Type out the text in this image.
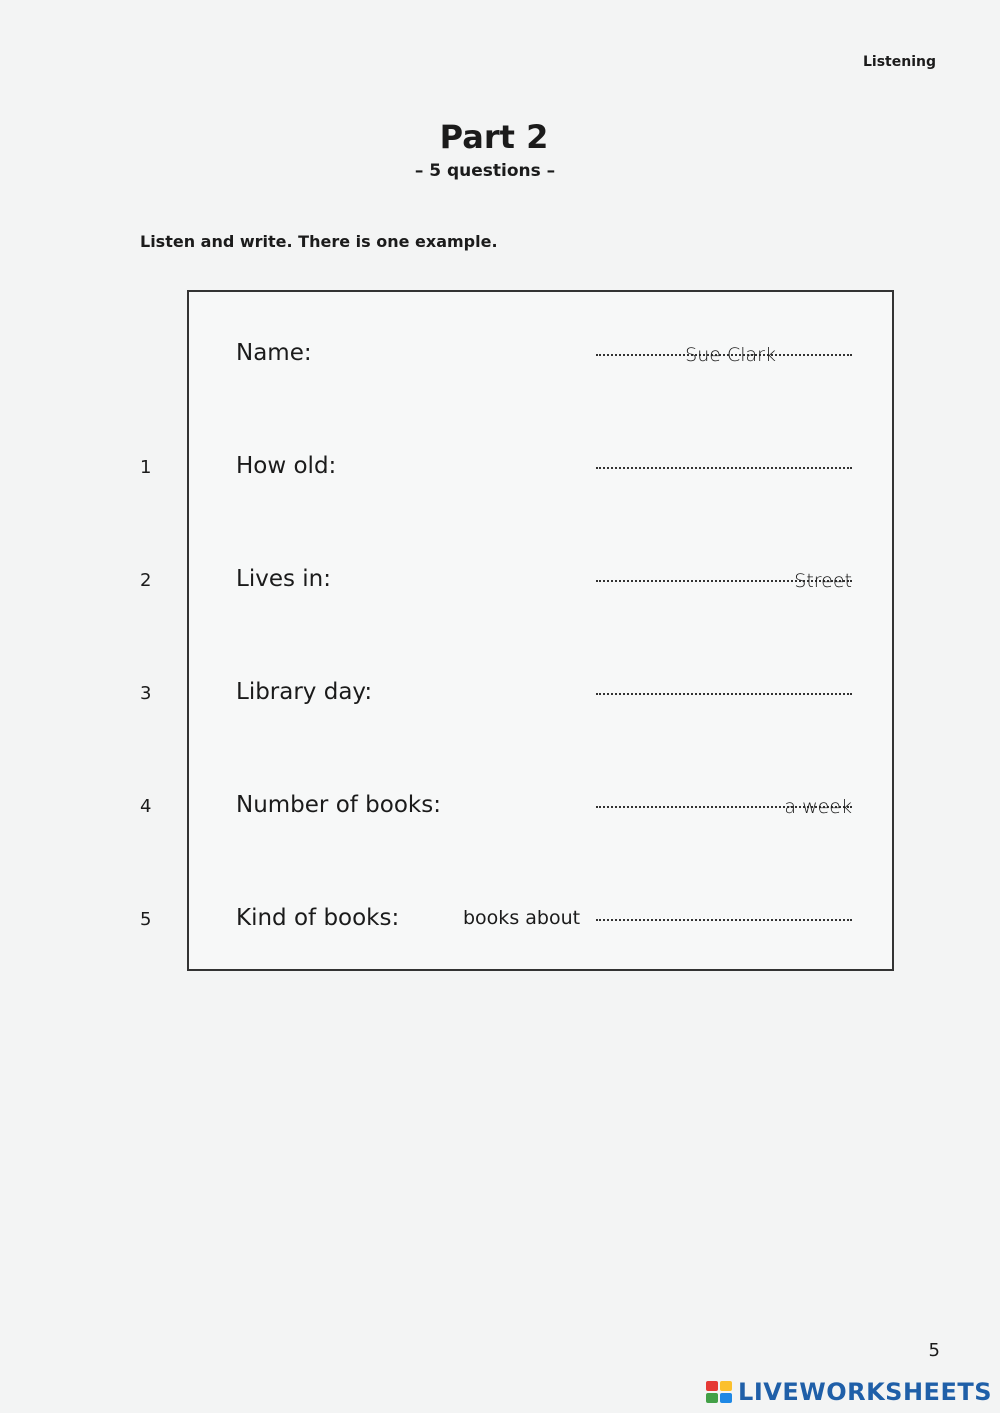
Listening
Part 2
– 5 questions –
Listen and write. There is one example.
Name:	Sue Clark
1	How old:
2	Lives in:	Street
3	Library day:
4	Number of books:	a week
5	Kind of books:	books about
5
LIVEWORKSHEETS
